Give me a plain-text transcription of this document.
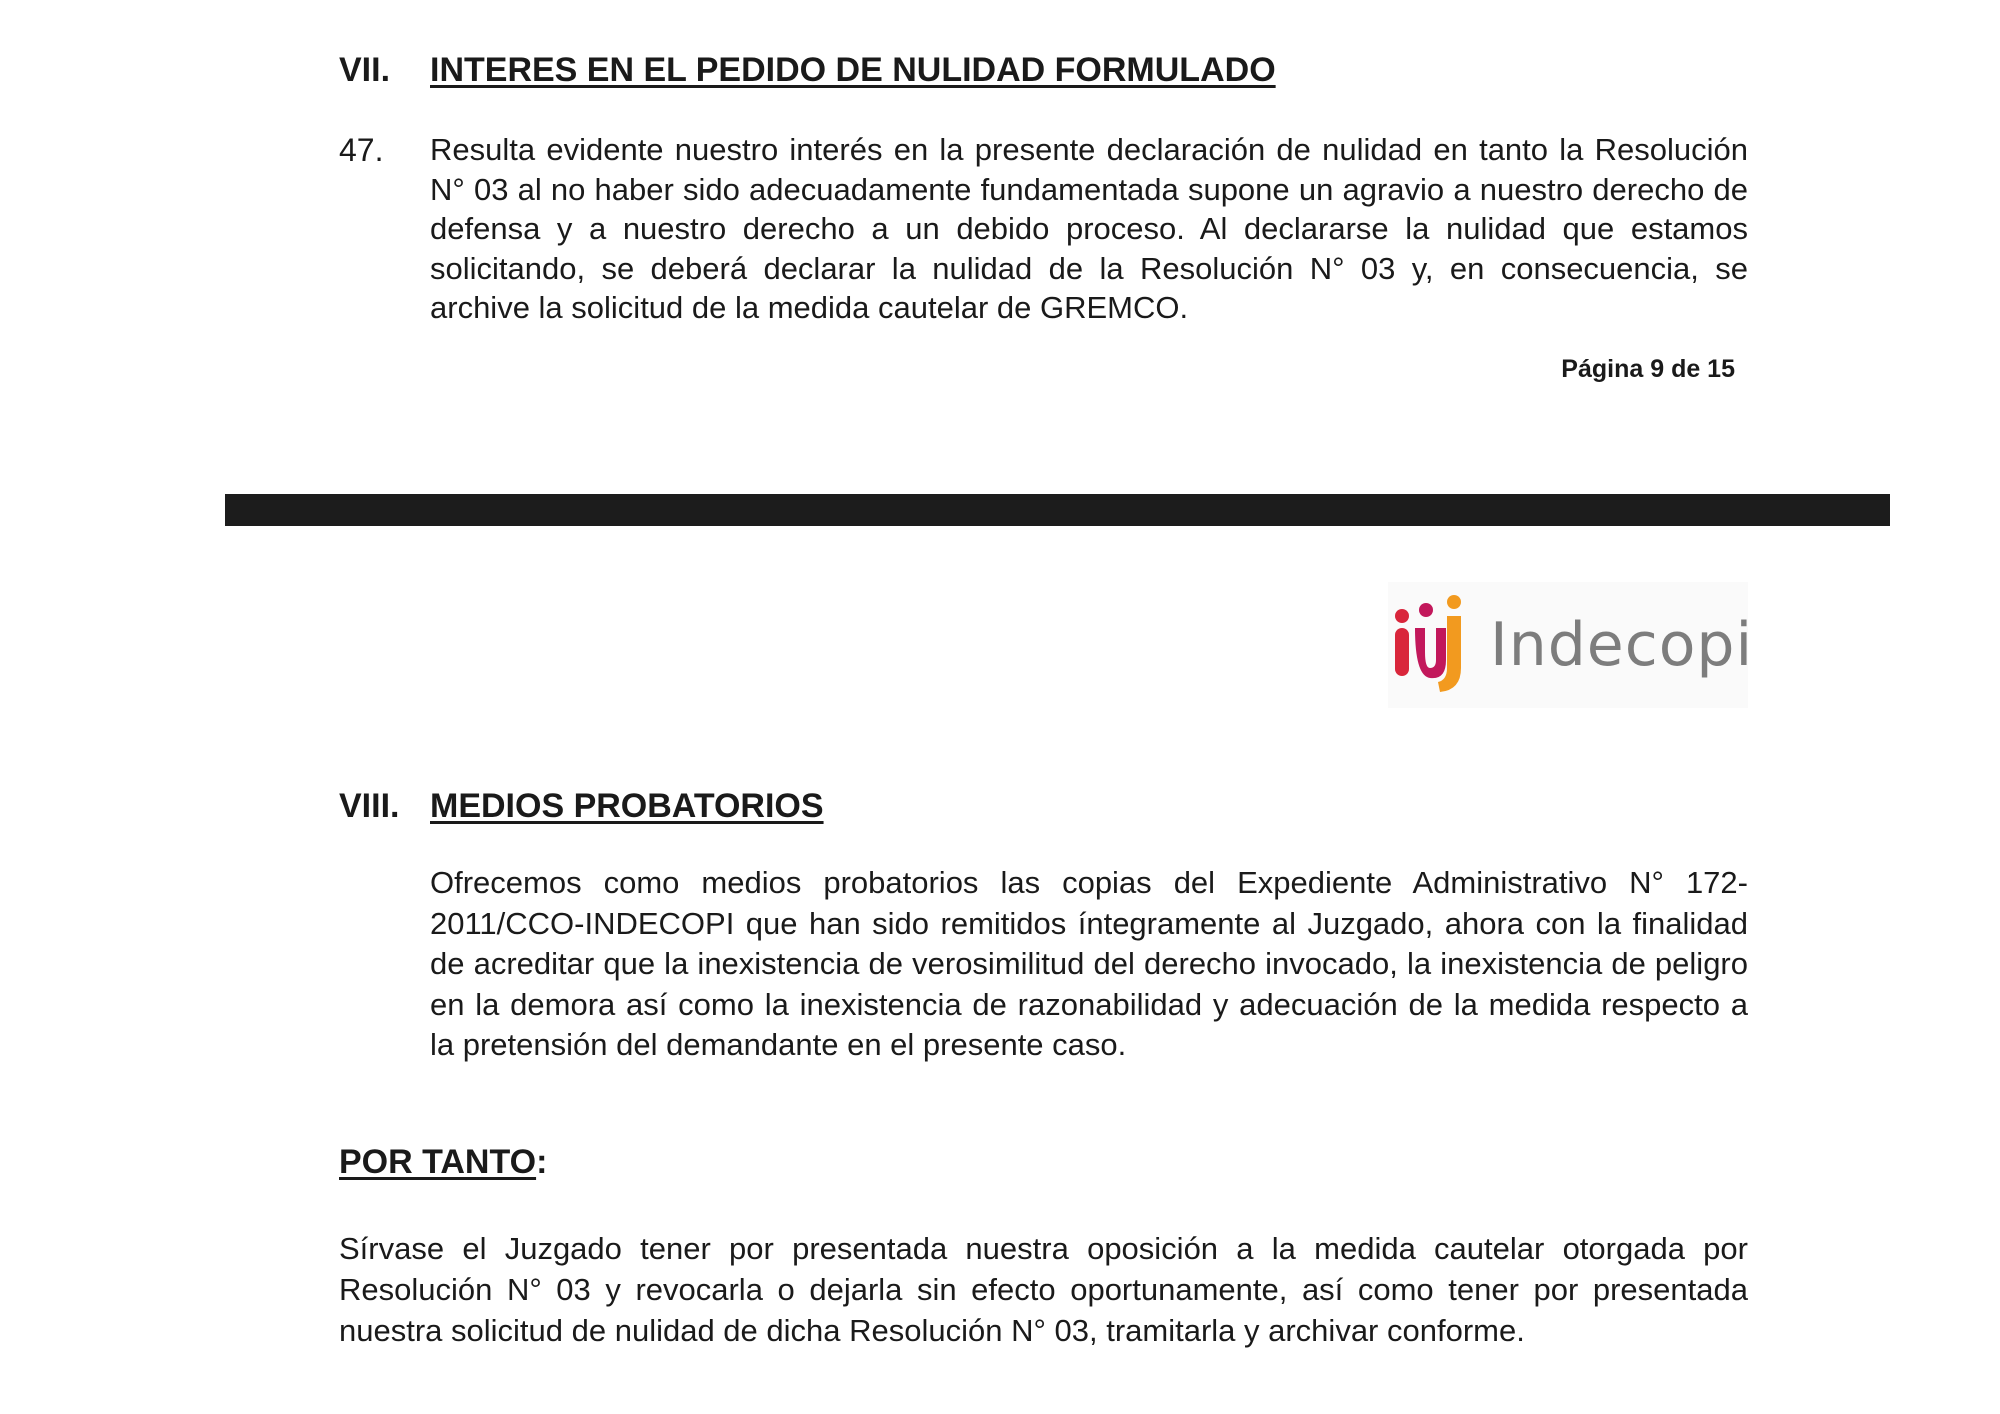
VII. INTERES EN EL PEDIDO DE NULIDAD FORMULADO
47. Resulta evidente nuestro interés en la presente declaración de nulidad en tanto la Resolución N° 03 al no haber sido adecuadamente fundamentada supone un agravio a nuestro derecho de defensa y a nuestro derecho a un debido proceso. Al declararse la nulidad que estamos solicitando, se deberá declarar la nulidad de la Resolución N° 03 y, en consecuencia, se archive la solicitud de la medida cautelar de GREMCO.

Página 9 de 15
Indecopi
VIII. MEDIOS PROBATORIOS

Ofrecemos como medios probatorios las copias del Expediente Administrativo N° 172-2011/CCO-INDECOPI que han sido remitidos íntegramente al Juzgado, ahora con la finalidad de acreditar que la inexistencia de verosimilitud del derecho invocado, la inexistencia de peligro en la demora así como la inexistencia de razonabilidad y adecuación de la medida respecto a la pretensión del demandante en el presente caso.

POR TANTO:

Sírvase el Juzgado tener por presentada nuestra oposición a la medida cautelar otorgada por Resolución N° 03 y revocarla o dejarla sin efecto oportunamente, así como tener por presentada nuestra solicitud de nulidad de dicha Resolución N° 03, tramitarla y archivar conforme.
